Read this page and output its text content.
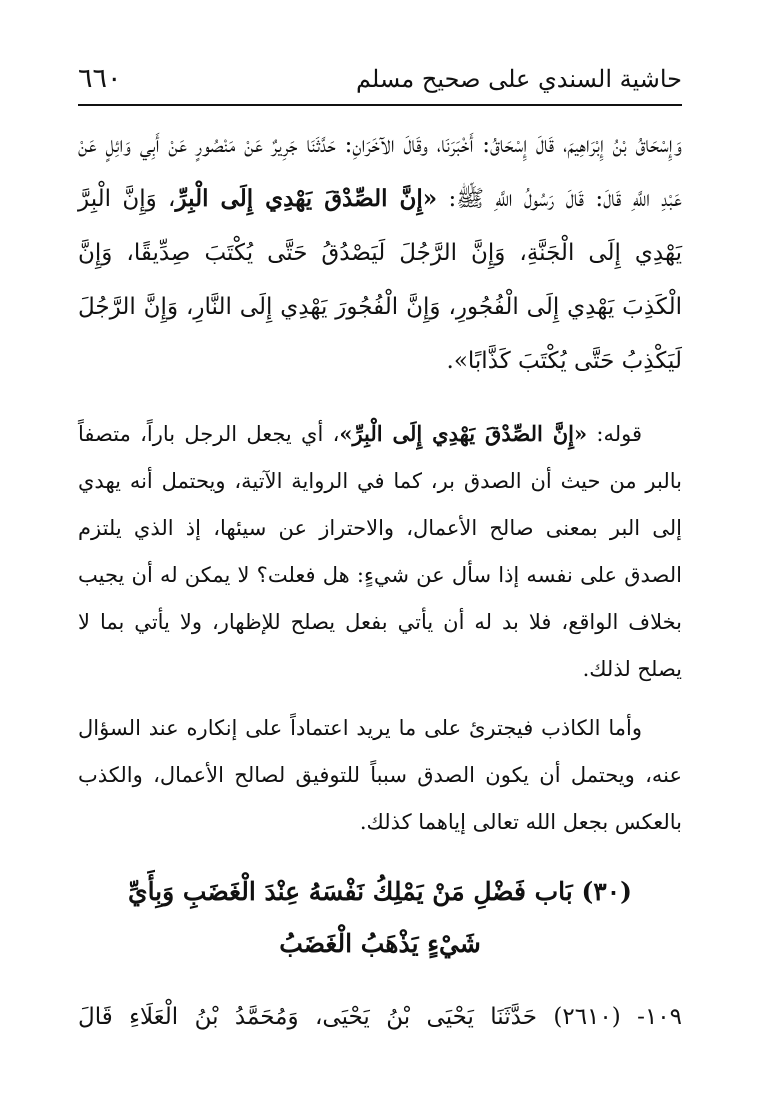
٦٦٠	حاشية السندي على صحيح مسلم
وَإِسْحَاقُ بْنُ إِبْرَاهِيمَ، قَالَ إِسْحَاقُ: أَخْبَرَنَا، وقَالَ الآخَرَانِ: حَدَّثَنَا جَرِيرٌ عَنْ مَنْصُورٍ عَنْ أَبِي وَائِلٍ عَنْ عَبْدِ اللَّهِ قَالَ: قَالَ رَسُولُ اللَّهِ ﷺ: «إِنَّ الصِّدْقَ يَهْدِي إِلَى الْبِرِّ، وَإِنَّ الْبِرَّ يَهْدِي إِلَى الْجَنَّةِ، وَإِنَّ الرَّجُلَ لَيَصْدُقُ حَتَّى يُكْتَبَ صِدِّيقًا، وَإِنَّ الْكَذِبَ يَهْدِي إِلَى الْفُجُورِ، وَإِنَّ الْفُجُورَ يَهْدِي إِلَى النَّارِ، وَإِنَّ الرَّجُلَ لَيَكْذِبُ حَتَّى يُكْتَبَ كَذَّابًا».

قوله: «إِنَّ الصِّدْقَ يَهْدِي إِلَى الْبِرِّ»، أي يجعل الرجل باراً، متصفاً بالبر من حيث أن الصدق بر، كما في الرواية الآتية، ويحتمل أنه يهدي إلى البر بمعنى صالح الأعمال، والاحتراز عن سيئها، إذ الذي يلتزم الصدق على نفسه إذا سأل عن شيءٍ: هل فعلت؟ لا يمكن له أن يجيب بخلاف الواقع، فلا بد له أن يأتي بفعل يصلح للإظهار، ولا يأتي بما لا يصلح لذلك.

وأما الكاذب فيجترئ على ما يريد اعتماداً على إنكاره عند السؤال عنه، ويحتمل أن يكون الصدق سبباً للتوفيق لصالح الأعمال، والكذب بالعكس بجعل الله تعالى إياهما كذلك.

(٣٠) بَاب فَضْلِ مَنْ يَمْلِكُ نَفْسَهُ عِنْدَ الْغَضَبِ وَبِأَيِّ
شَيْءٍ يَذْهَبُ الْغَضَبُ
١٠٩- (٢٦١٠) حَدَّثَنَا يَحْيَى بْنُ يَحْيَى، وَمُحَمَّدُ بْنُ الْعَلَاءِ قَالَ
